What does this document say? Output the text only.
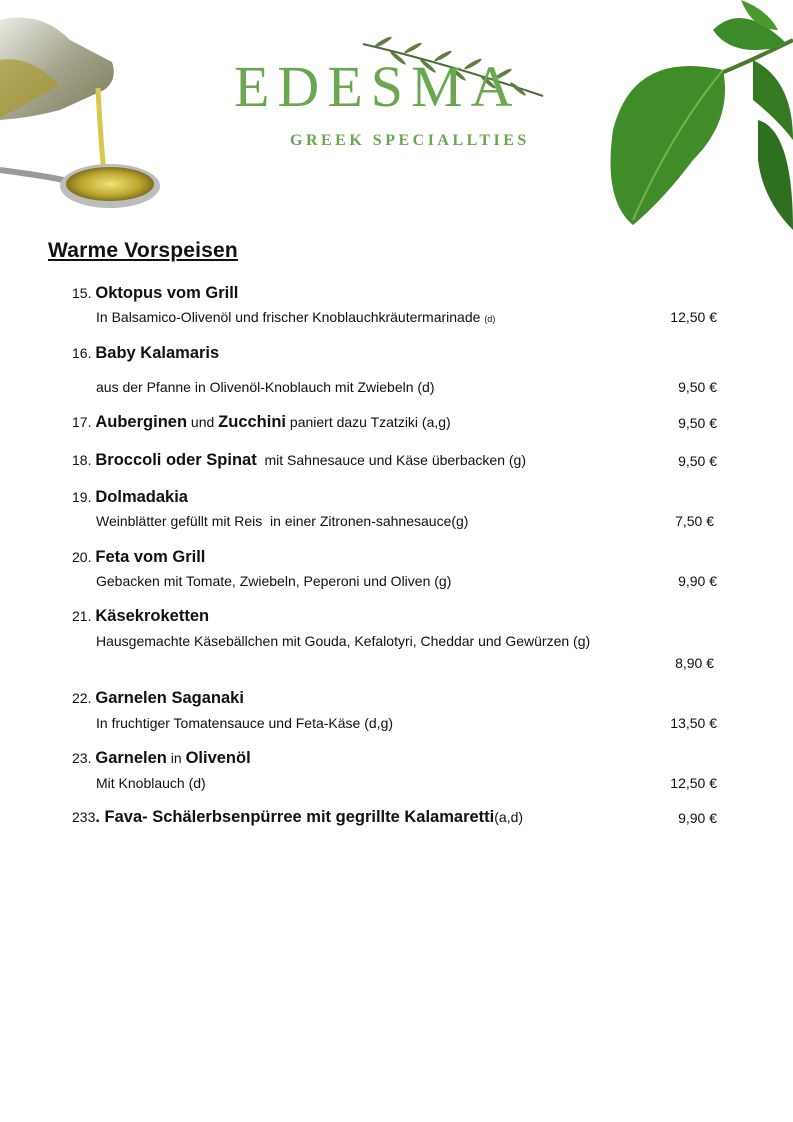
EDESMA
GREEK SPECIALLTIES
Warme Vorspeisen
15. Oktopus vom Grill
In Balsamico-Olivenöl und frischer Knoblauchkräutermarinade (d)	12,50 €
16. Baby Kalamaris
aus der Pfanne in Olivenöl-Knoblauch mit Zwiebeln (d)	9,50 €
17. Auberginen und Zucchini paniert dazu Tzatziki (a,g)	9,50 €
18. Broccoli oder Spinat  mit Sahnesauce und Käse überbacken (g)	9,50 €
19. Dolmadakia
Weinblätter gefüllt mit Reis  in einer Zitronen-sahnesauce(g)	7,50 €
20. Feta vom Grill
Gebacken mit Tomate, Zwiebeln, Peperoni und Oliven (g)	9,90 €
21. Käsekroketten
Hausgemachte Käsebällchen mit Gouda, Kefalotyri, Cheddar und Gewürzen (g)
8,90 €
22. Garnelen Saganaki
In fruchtiger Tomatensauce und Feta-Käse (d,g)	13,50 €
23. Garnelen in Olivenöl
Mit Knoblauch (d)	12,50 €
233. Fava- Schälerbsenpürree mit gegrillte Kalamaretti(a,d)	9,90 €
